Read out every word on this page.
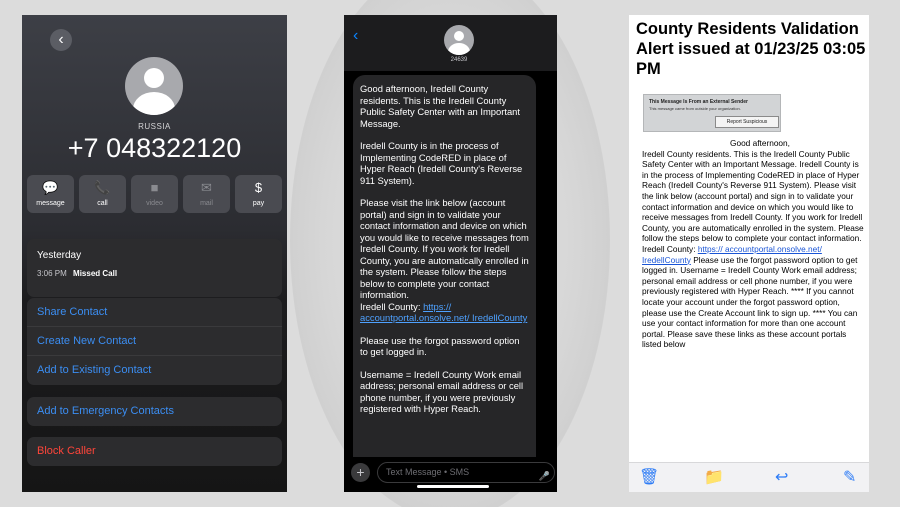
‹
RUSSIA
+7 048322120
💬
message
📞
call
■
video
✉
mail
$
pay
Yesterday
3:06 PM Missed Call
Share Contact
Create New Contact
Add to Existing Contact
Add to Emergency Contacts
Block Caller
‹
24639

Good afternoon, Iredell County residents. This is the Iredell County Public Safety Center with an Important Message.

Iredell County is in the process of Implementing CodeRED in place of Hyper Reach (Iredell County's Reverse 911 System).

Please visit the link below (account portal) and sign in to validate your contact information and device on which you would like to receive messages from Iredell County. If you work for Iredell County, you are automatically enrolled in the system. Please follow the steps below to complete your contact information.
Iredell County: https:// accountportal.onsolve.net/ IredellCounty

Please use the forgot password option to get logged in.

Username = Iredell County Work email address; personal email address or cell phone number, if you were previously registered with Hyper Reach.

+	Text Message • SMS	🎤
County Residents Validation Alert issued at 01/23/25 03:05 PM
This Message Is From an External Sender
This message came from outside your organization.
Report Suspicious
Good afternoon,
Iredell County residents. This is the Iredell County Public Safety Center with an Important Message. Iredell County is in the process of Implementing CodeRED in place of Hyper Reach (Iredell County's Reverse 911 System). Please visit the link below (account portal) and sign in to validate your contact information and device on which you would like to receive messages from Iredell County. If you work for Iredell County, you are automatically enrolled in the system. Please follow the steps below to complete your contact information. Iredell County: https:// accountportal.onsolve.net/ IredellCounty Please use the forgot password option to get logged in. Username = Iredell County Work email address; personal email address or cell phone number, if you were previously registered with Hyper Reach. **** If you cannot locate your account under the forgot password option, please use the Create Account link to sign up. **** You can use your contact information for more than one account portal. Please save these links as these account portals listed below
🗑	📁	↩	✎
